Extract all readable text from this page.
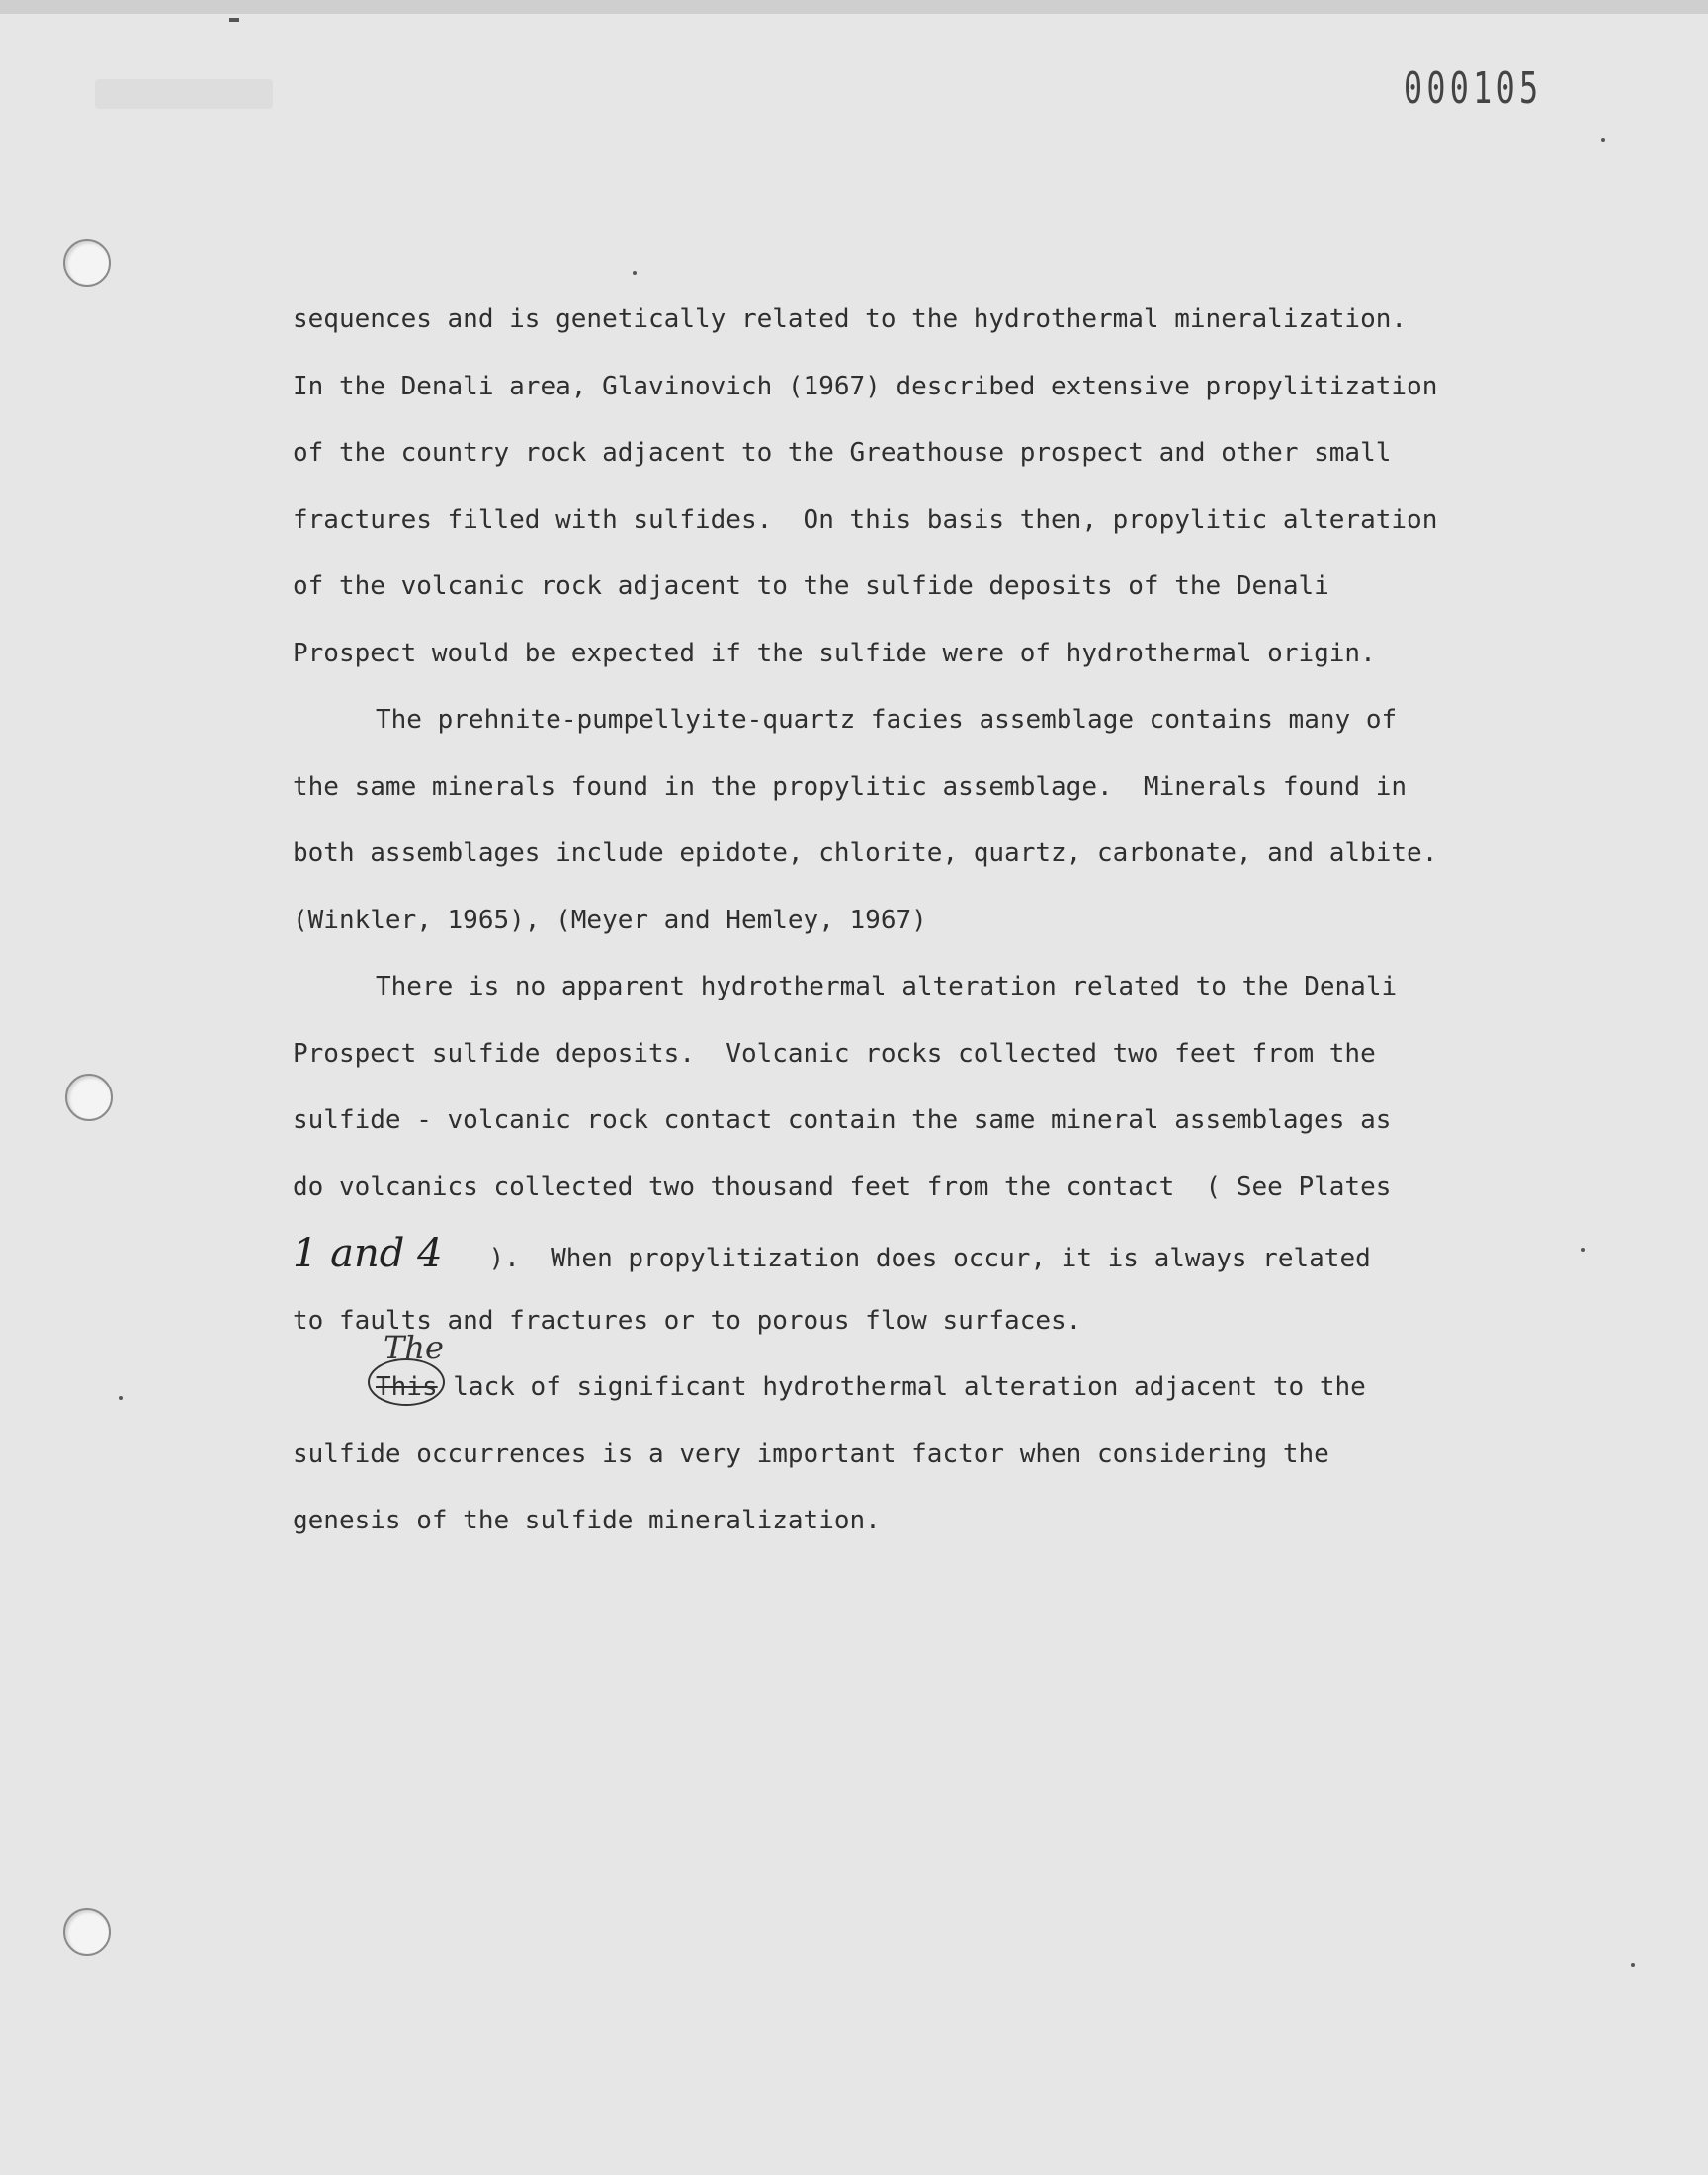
000105
sequences and is genetically related to the hydrothermal mineralization.
In the Denali area, Glavinovich (1967) described extensive propylitization
of the country rock adjacent to the Greathouse prospect and other small
fractures filled with sulfides.  On this basis then, propylitic alteration
of the volcanic rock adjacent to the sulfide deposits of the Denali
Prospect would be expected if the sulfide were of hydrothermal origin.
The prehnite-pumpellyite-quartz facies assemblage contains many of
the same minerals found in the propylitic assemblage.  Minerals found in
both assemblages include epidote, chlorite, quartz, carbonate, and albite.
(Winkler, 1965), (Meyer and Hemley, 1967)
There is no apparent hydrothermal alteration related to the Denali
Prospect sulfide deposits.  Volcanic rocks collected two feet from the
sulfide - volcanic rock contact contain the same mineral assemblages as
do volcanics collected two thousand feet from the contact  ( See Plates
1 and 4   ).  When propylitization does occur, it is always related
to faults and fractures or to porous flow surfaces.
The
This lack of significant hydrothermal alteration adjacent to the
sulfide occurrences is a very important factor when considering the
genesis of the sulfide mineralization.
